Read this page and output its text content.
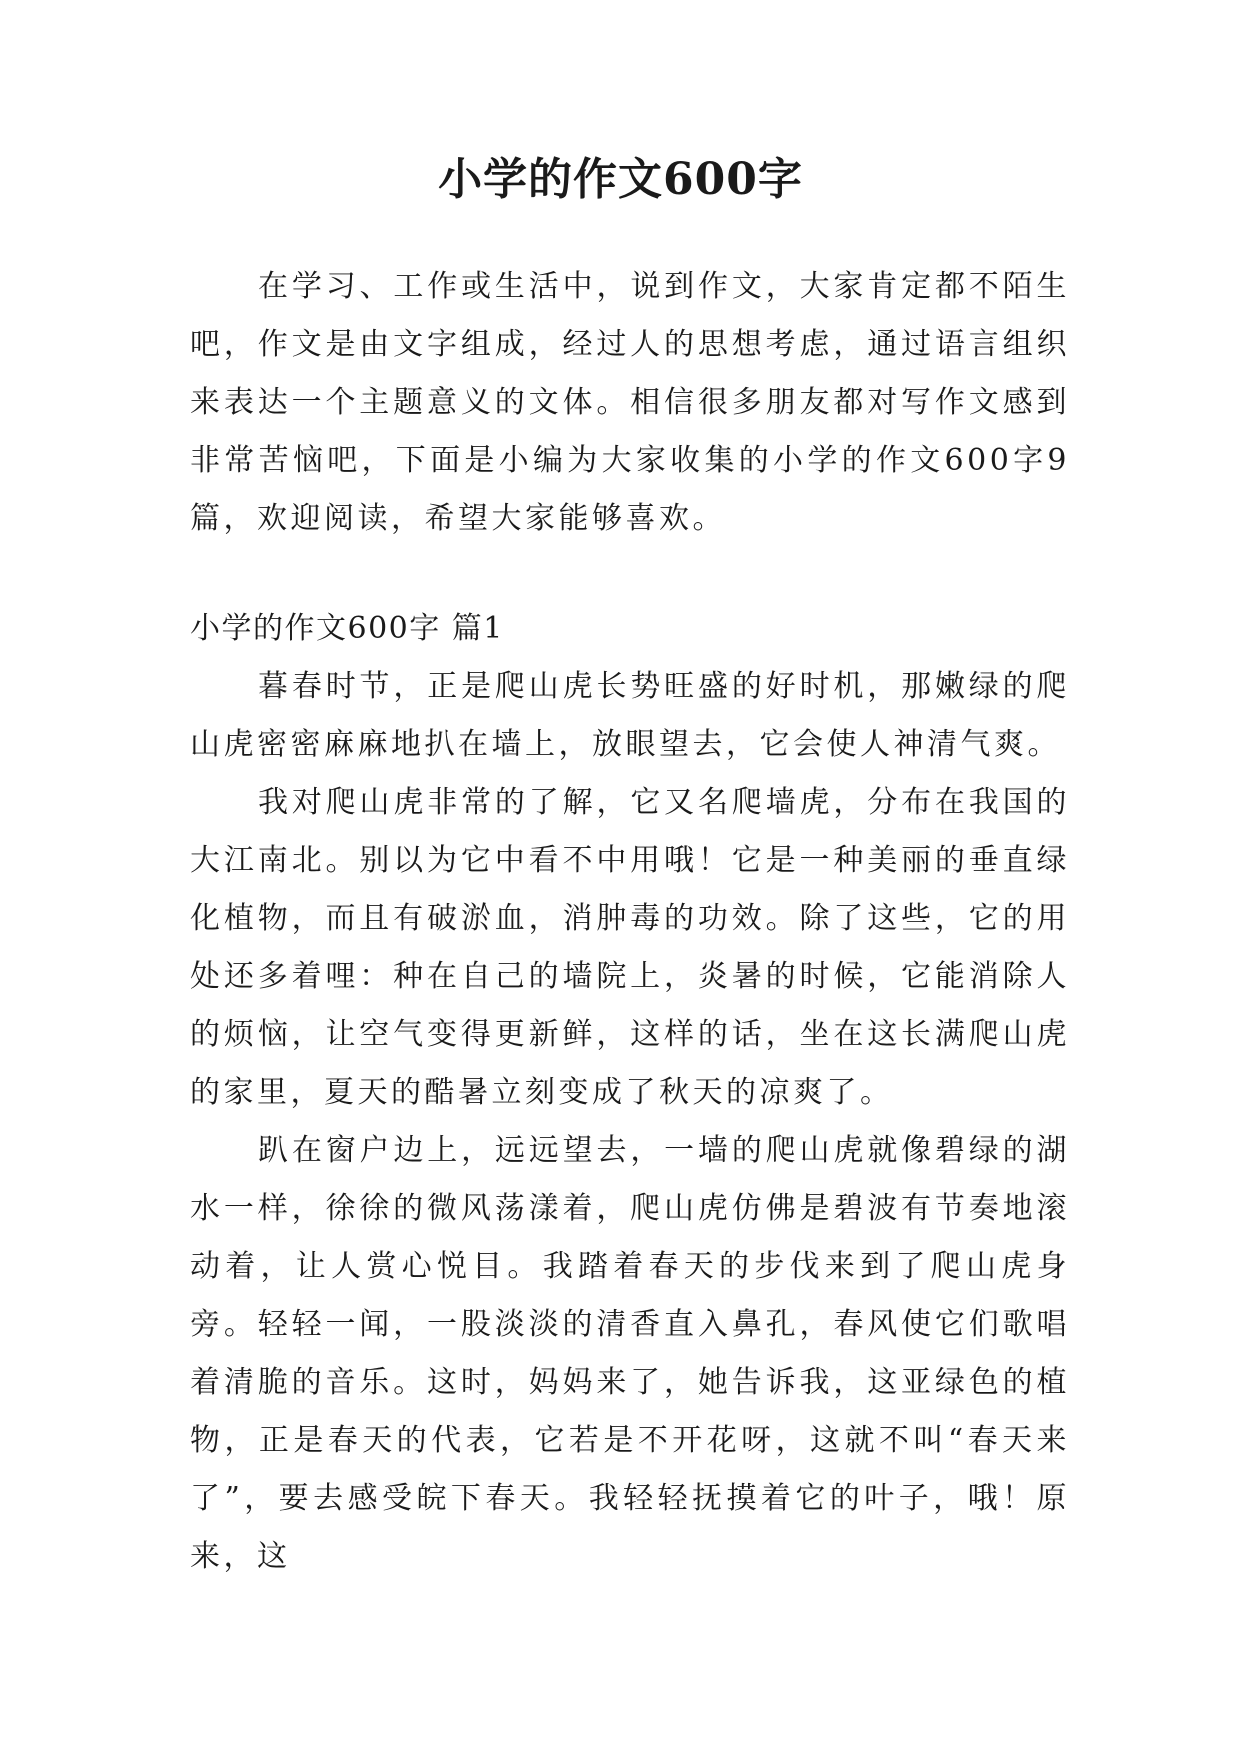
小学的作文600字

在学习、工作或生活中，说到作文，大家肯定都不陌生吧，作文是由文字组成，经过人的思想考虑，通过语言组织来表达一个主题意义的文体。相信很多朋友都对写作文感到非常苦恼吧，下面是小编为大家收集的小学的作文600字9篇，欢迎阅读，希望大家能够喜欢。

小学的作文600字 篇1

暮春时节，正是爬山虎长势旺盛的好时机，那嫩绿的爬山虎密密麻麻地扒在墙上，放眼望去，它会使人神清气爽。

我对爬山虎非常的了解，它又名爬墙虎，分布在我国的大江南北。别以为它中看不中用哦！它是一种美丽的垂直绿化植物，而且有破淤血，消肿毒的功效。除了这些，它的用处还多着哩：种在自己的墙院上，炎暑的时候，它能消除人的烦恼，让空气变得更新鲜，这样的话，坐在这长满爬山虎的家里，夏天的酷暑立刻变成了秋天的凉爽了。

趴在窗户边上，远远望去，一墙的爬山虎就像碧绿的湖水一样，徐徐的微风荡漾着，爬山虎仿佛是碧波有节奏地滚动着，让人赏心悦目。我踏着春天的步伐来到了爬山虎身旁。轻轻一闻，一股淡淡的清香直入鼻孔，春风使它们歌唱着清脆的音乐。这时，妈妈来了，她告诉我，这亚绿色的植物，正是春天的代表，它若是不开花呀，这就不叫“春天来了”，要去感受皖下春天。我轻轻抚摸着它的叶子，哦！原来，这
